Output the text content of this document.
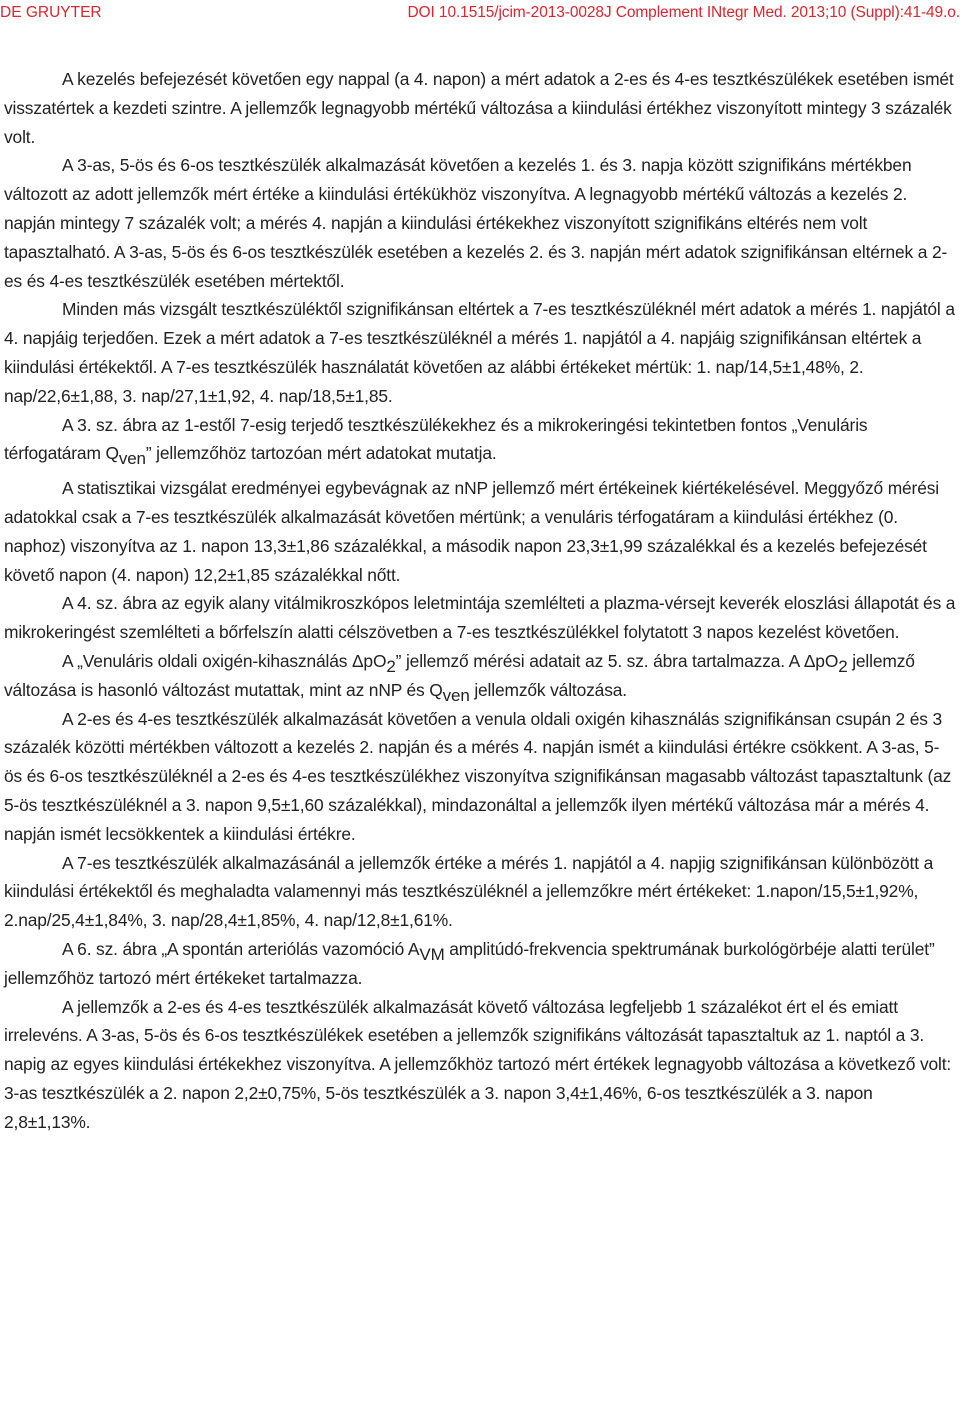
DE GRUYTER	DOI 10.1515/jcim-2013-0028J Complement INtegr Med. 2013;10 (Suppl):41-49.o.

A kezelés befejezését követően egy nappal (a 4. napon) a mért adatok a 2-es és 4-es tesztkészülékek esetében ismét visszatértek a kezdeti szintre. A jellemzők legnagyobb mértékű változása a kiindulási értékhez viszonyított mintegy 3 százalék volt.

A 3-as, 5-ös és 6-os tesztkészülék alkalmazását követően a kezelés 1. és 3. napja között szignifikáns mértékben változott az adott jellemzők mért értéke a kiindulási értékükhöz viszonyítva. A legnagyobb mértékű változás a kezelés 2. napján mintegy 7 százalék volt; a mérés 4. napján a kiindulási értékekhez viszonyított szignifikáns eltérés nem volt tapasztalható. A 3-as, 5-ös és 6-os tesztkészülék esetében a kezelés 2. és 3. napján mért adatok szignifikánsan eltérnek a 2-es és 4-es tesztkészülék esetében mértektől.

Minden más vizsgált tesztkészüléktől szignifikánsan eltértek a 7-es tesztkészüléknél mért adatok a mérés 1. napjától a 4. napjáig terjedően. Ezek a mért adatok a 7-es tesztkészüléknél a mérés 1. napjától a 4. napjáig szignifikánsan eltértek a kiindulási értékektől. A 7-es tesztkészülék használatát követően az alábbi értékeket mértük: 1. nap/14,5±1,48%, 2. nap/22,6±1,88, 3. nap/27,1±1,92, 4. nap/18,5±1,85.

A 3. sz. ábra az 1-estől 7-esig terjedő tesztkészülékekhez és a mikrokeringési tekintetben fontos „Venuláris térfogatáram Qven” jellemzőhöz tartozóan mért adatokat mutatja.

A statisztikai vizsgálat eredményei egybevágnak az nNP jellemző mért értékeinek kiértékelésével. Meggyőző mérési adatokkal csak a 7-es tesztkészülék alkalmazását követően mértünk; a venuláris térfogatáram a kiindulási értékhez (0. naphoz) viszonyítva az 1. napon 13,3±1,86 százalékkal, a második napon 23,3±1,99 százalékkal és a kezelés befejezését követő napon (4. napon) 12,2±1,85 százalékkal nőtt.

A 4. sz. ábra az egyik alany vitálmikroszkópos leletmintája szemlélteti a plazma-vérsejt keverék eloszlási állapotát és a mikrokeringést szemlélteti a bőrfelszín alatti célszövetben a 7-es tesztkészülékkel folytatott 3 napos kezelést követően.

A „Venuláris oldali oxigén-kihasználás ΔpO2” jellemző mérési adatait az 5. sz. ábra tartalmazza. A ΔpO2 jellemző változása is hasonló változást mutattak, mint az nNP és Qven jellemzők változása.

A 2-es és 4-es tesztkészülék alkalmazását követően a venula oldali oxigén kihasználás szignifikánsan csupán 2 és 3 százalék közötti mértékben változott a kezelés 2. napján és a mérés 4. napján ismét a kiindulási értékre csökkent. A 3-as, 5-ös és 6-os tesztkészüléknél a 2-es és 4-es tesztkészülékhez viszonyítva szignifikánsan magasabb változást tapasztaltunk (az 5-ös tesztkészüléknél a 3. napon 9,5±1,60 százalékkal), mindazonáltal a jellemzők ilyen mértékű változása már a mérés 4. napján ismét lecsökkentek a kiindulási értékre.

A 7-es tesztkészülék alkalmazásánál a jellemzők értéke a mérés 1. napjától a 4. napjig szignifikánsan különbözött a kiindulási értékektől és meghaladta valamennyi más tesztkészüléknél a jellemzőkre mért értékeket: 1.napon/15,5±1,92%, 2.nap/25,4±1,84%, 3. nap/28,4±1,85%, 4. nap/12,8±1,61%.

A 6. sz. ábra „A spontán arteriólás vazomóció AVM amplitúdó-frekvencia spektrumának burkológörbéje alatti terület” jellemzőhöz tartozó mért értékeket tartalmazza.

A jellemzők a 2-es és 4-es tesztkészülék alkalmazását követő változása legfeljebb 1 százalékot ért el és emiatt irrelevéns. A 3-as, 5-ös és 6-os tesztkészülékek esetében a jellemzők szignifikáns változását tapasztaltuk az 1. naptól a 3. napig az egyes kiindulási értékekhez viszonyítva. A jellemzőkhöz tartozó mért értékek legnagyobb változása a következő volt: 3-as tesztkészülék a 2. napon 2,2±0,75%, 5-ös tesztkészülék a 3. napon 3,4±1,46%, 6-os tesztkészülék a 3. napon 2,8±1,13%.
